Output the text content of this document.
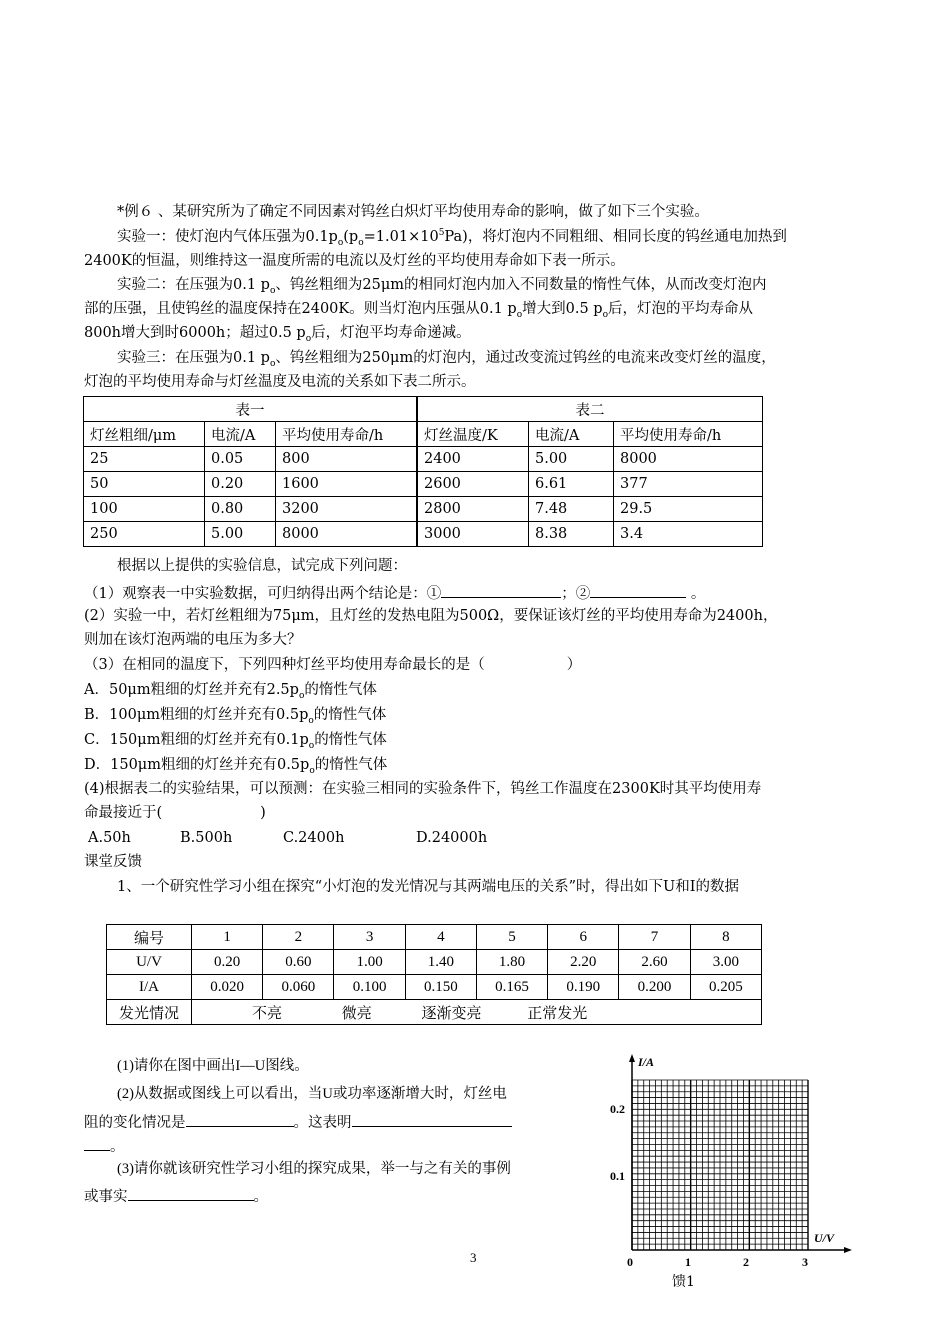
*例６ 、某研究所为了确定不同因素对钨丝白炽灯平均使用寿命的影响，做了如下三个实验。
实验一：使灯泡内气体压强为$0.1p_o(p_o=1.01\times 10^5Pa)$，将灯泡内不同粗细、相同长度的钨丝通电加热到
2400K的恒温，则维持这一温度所需的电流以及灯丝的平均使用寿命如下表一所示。
实验二：在压强为0.1 $p_o$、钨丝粗细为25μm的相同灯泡内加入不同数量的惰性气体，从而改变灯泡内
部的压强，且使钨丝的温度保持在2400K。则当灯泡内压强从0.1 $p_o$增大到0.5 $p_o$后，灯泡的平均寿命从
800h增大到时6000h；超过0.5 $p_o$后，灯泡平均寿命递减。
实验三：在压强为0.1 $p_o$、钨丝粗细为250μm的灯泡内，通过改变流过钨丝的电流来改变灯丝的温度，
灯泡的平均使用寿命与灯丝温度及电流的关系如下表二所示。
表一			表二		
灯丝粗细/μm	电流/A	平均使用寿命/h	灯丝温度/K	电流/A	平均使用寿命/h
25	0.05	800	2400	5.00	8000
50	0.20	1600	2600	6.61	377
100	0.80	3200	2800	7.48	29.5
250	5.00	8000	3000	8.38	3.4
根据以上提供的实验信息，试完成下列问题：
（1）观察表一中实验数据，可归纳得出两个结论是：①	；②	。
(2）实验一中，若灯丝粗细为75μm，且灯丝的发热电阻为500Ω，要保证该灯丝的平均使用寿命为2400h，
则加在该灯泡两端的电压为多大？
（3）在相同的温度下，下列四种灯丝平均使用寿命最长的是（	）
A．50μm粗细的灯丝并充有$2.5p_o$的惰性气体
B．100μm粗细的灯丝并充有$0.5p_o$的惰性气体
C．150μm粗细的灯丝并充有$0.1p_o$的惰性气体
D．150μm粗细的灯丝并充有$0.5p_o$的惰性气体
(4)根据表二的实验结果，可以预测：在实验三相同的实验条件下，钨丝工作温度在2300K时其平均使用寿
命最接近于(	)
A.50h	B.500h	C.2400h	D.24000h
课堂反馈
1、一个研究性学习小组在探究“小灯泡的发光情况与其两端电压的关系”时，得出如下U和I的数据
编号	1	2	3	4	5	6	7	8
U/V	0.20	0.60	1.00	1.40	1.80	2.20	2.60	3.00
I/A	0.020	0.060	0.100	0.150	0.165	0.190	0.200	0.205
发光情况	不亮 微亮 逐渐变亮 正常发光							
(1)请你在图中画出I—U图线。
(2)从数据或图线上可以看出，当U或功率逐渐增大时，灯丝电
阻的变化情况是	。这表明
。
(3)请你就该研究性学习小组的探究成果，举一与之有关的事例
或事实	。
I/A
U/V
0.2
0.1
0	1	2	3
馈1
3
